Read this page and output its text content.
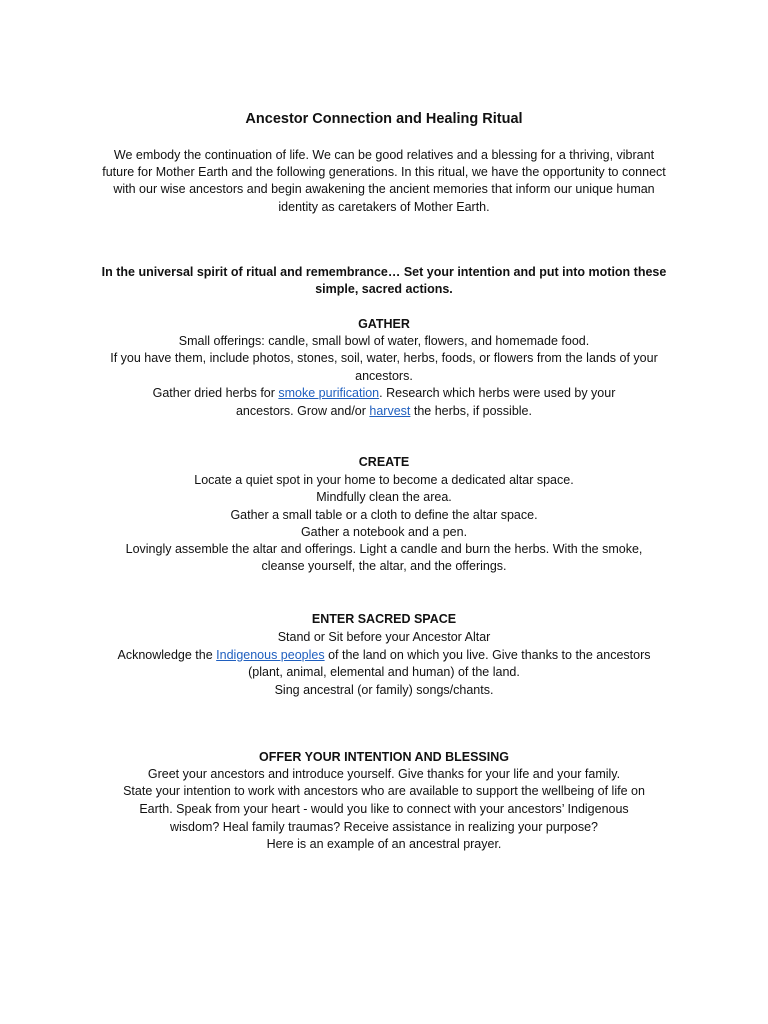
Ancestor Connection and Healing Ritual
We embody the continuation of life. We can be good relatives and a blessing for a thriving, vibrant
future for Mother Earth and the following generations. In this ritual, we have the opportunity to connect
with our wise ancestors and begin awakening the ancient memories that inform our unique human
identity as caretakers of Mother Earth.
In the universal spirit of ritual and remembrance… Set your intention and put into motion these
simple, sacred actions.
GATHER
Small offerings: candle, small bowl of water, flowers, and homemade food.
If you have them, include photos, stones, soil, water, herbs, foods, or flowers from the lands of your
ancestors.
Gather dried herbs for smoke purification. Research which herbs were used by your
ancestors. Grow and/or harvest the herbs, if possible.
CREATE
Locate a quiet spot in your home to become a dedicated altar space.
Mindfully clean the area.
Gather a small table or a cloth to define the altar space.
Gather a notebook and a pen.
Lovingly assemble the altar and offerings. Light a candle and burn the herbs. With the smoke,
cleanse yourself, the altar, and the offerings.
ENTER SACRED SPACE
Stand or Sit before your Ancestor Altar
Acknowledge the Indigenous peoples of the land on which you live. Give thanks to the ancestors
(plant, animal, elemental and human) of the land.
Sing ancestral (or family) songs/chants.
OFFER YOUR INTENTION AND BLESSING
Greet your ancestors and introduce yourself. Give thanks for your life and your family.
State your intention to work with ancestors who are available to support the wellbeing of life on
Earth. Speak from your heart - would you like to connect with your ancestors’ Indigenous
wisdom? Heal family traumas? Receive assistance in realizing your purpose?
Here is an example of an ancestral prayer.
